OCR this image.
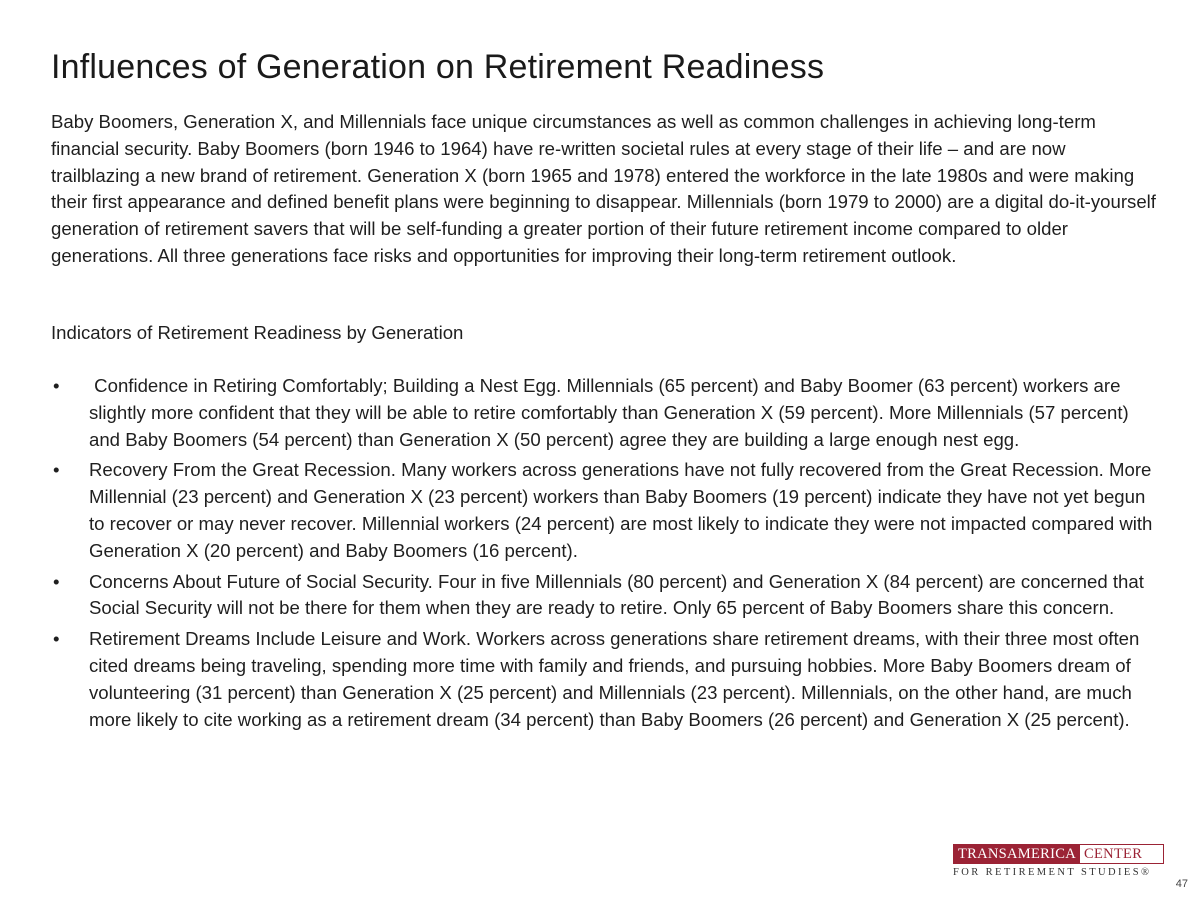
Influences of Generation on Retirement Readiness

Baby Boomers, Generation X, and Millennials face unique circumstances as well as common challenges in achieving long-term financial security. Baby Boomers (born 1946 to 1964) have re-written societal rules at every stage of their life – and are now trailblazing a new brand of retirement. Generation X (born 1965 and 1978) entered the workforce in the late 1980s and were making their first appearance and defined benefit plans were beginning to disappear. Millennials (born 1979 to 2000) are a digital do-it-yourself generation of retirement savers that will be self-funding a greater portion of their future retirement income compared to older generations. All three generations face risks and opportunities for improving their long-term retirement outlook.

Indicators of Retirement Readiness by Generation

• Confidence in Retiring Comfortably; Building a Nest Egg. Millennials (65 percent) and Baby Boomer (63 percent) workers are slightly more confident that they will be able to retire comfortably than Generation X (59 percent). More Millennials (57 percent) and Baby Boomers (54 percent) than Generation X (50 percent) agree they are building a large enough nest egg.
• Recovery From the Great Recession. Many workers across generations have not fully recovered from the Great Recession. More Millennial (23 percent) and Generation X (23 percent) workers than Baby Boomers (19 percent) indicate they have not yet begun to recover or may never recover. Millennial workers (24 percent) are most likely to indicate they were not impacted compared with Generation X (20 percent) and Baby Boomers (16 percent).
• Concerns About Future of Social Security. Four in five Millennials (80 percent) and Generation X (84 percent) are concerned that Social Security will not be there for them when they are ready to retire. Only 65 percent of Baby Boomers share this concern.
• Retirement Dreams Include Leisure and Work. Workers across generations share retirement dreams, with their three most often cited dreams being traveling, spending more time with family and friends, and pursuing hobbies. More Baby Boomers dream of volunteering (31 percent) than Generation X (25 percent) and Millennials (23 percent). Millennials, on the other hand, are much more likely to cite working as a retirement dream (34 percent) than Baby Boomers (26 percent) and Generation X (25 percent).
TRANSAMERICA CENTER
FOR RETIREMENT STUDIES®
47
